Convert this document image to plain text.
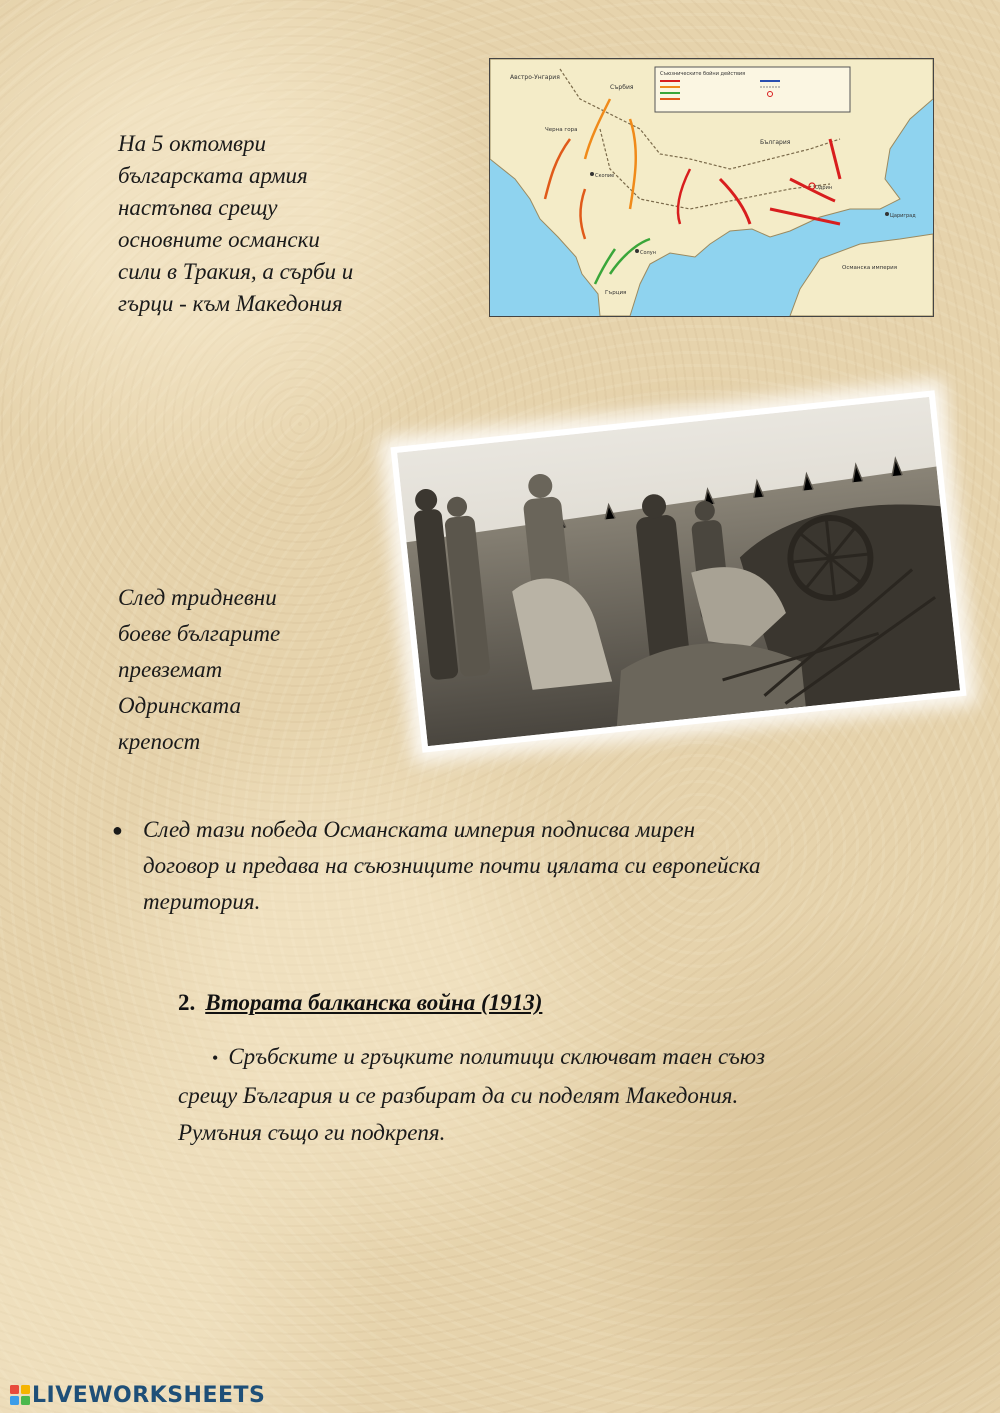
На 5 октомври
българската армия
настъпва срещу
основните османски
сили в Тракия, а сърби и
гърци - към Македония
Съюзническите бойни действия
Австро-Унгария
Сърбия
България
Черна гора
Гърция
Османска империя
Одрин
Скопие
Солун
Цариград
След тридневни
боеве българите
превземат
Одринската
крепост
● След тази победа Османската империя подписва мирен
договор и предава на съюзниците почти цялата си европейска
територия.
2. Втората балканска война (1913)
• Сръбските и гръцките политици сключват таен съюз
срещу България и се разбират да си поделят Македония.
Румъния също ги подкрепя.
LIVEWORKSHEETS
